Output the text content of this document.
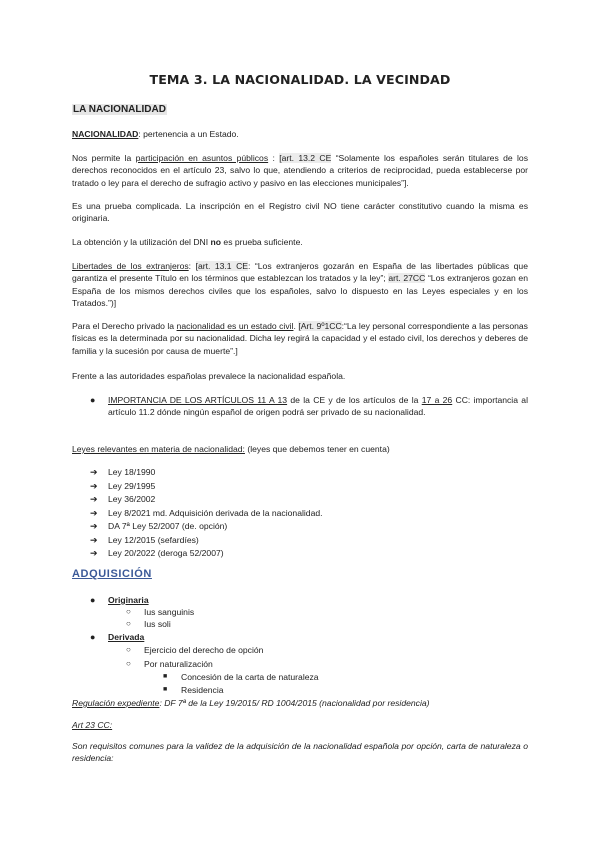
TEMA 3. LA NACIONALIDAD. LA VECINDAD
LA NACIONALIDAD
NACIONALIDAD: pertenencia a un Estado.
Nos permite la participación en asuntos públicos : [art. 13.2 CE “Solamente los españoles serán titulares de los derechos reconocidos en el artículo 23, salvo lo que, atendiendo a criterios de reciprocidad, pueda establecerse por tratado o ley para el derecho de sufragio activo y pasivo en las elecciones municipales”].
Es una prueba complicada. La inscripción en el Registro civil NO tiene carácter constitutivo cuando la misma es originaria.
La obtención y la utilización del DNI no es prueba suficiente.
Libertades de los extranjeros: [art. 13.1 CE: “Los extranjeros gozarán en España de las libertades públicas que garantiza el presente Título en los términos que establezcan los tratados y la ley”; art. 27CC “Los extranjeros gozan en España de los mismos derechos civiles que los españoles, salvo lo dispuesto en las Leyes especiales y en los Tratados.”)]
Para el Derecho privado la nacionalidad es un estado civil. [Art. 9º1CC:“La ley personal correspondiente a las personas físicas es la determinada por su nacionalidad. Dicha ley regirá la capacidad y el estado civil, los derechos y deberes de familia y la sucesión por causa de muerte”.]
Frente a las autoridades españolas prevalece la nacionalidad española.
● IMPORTANCIA DE LOS ARTÍCULOS 11 A 13 de la CE y de los artículos de la 17 a 26 CC: importancia al artículo 11.2 dónde ningún español de origen podrá ser privado de su nacionalidad.
Leyes relevantes en materia de nacionalidad: (leyes que debemos tener en cuenta)
➔ Ley 18/1990
➔ Ley 29/1995
➔ Ley 36/2002
➔ Ley 8/2021 md. Adquisición derivada de la nacionalidad.
➔ DA 7ª Ley 52/2007 (de. opción)
➔ Ley 12/2015 (sefardíes)
➔ Ley 20/2022 (deroga 52/2007)
ADQUISICIÓN
● Originaria
○ Ius sanguinis
○ Ius soli
● Derivada
○ Ejercicio del derecho de opción
○ Por naturalización
■ Concesión de la carta de naturaleza
■ Residencia
Regulación expediente: DF 7ª de la Ley 19/2015/ RD 1004/2015 (nacionalidad por residencia)
Art 23 CC:
Son requisitos comunes para la validez de la adquisición de la nacionalidad española por opción, carta de naturaleza o residencia:
